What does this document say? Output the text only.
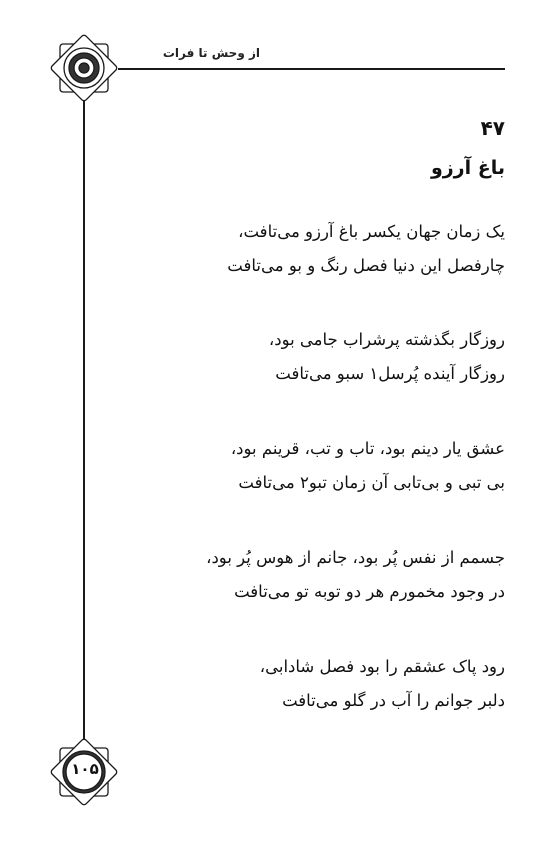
از وحش تا فرات
۱۰۵
۴۷
باغ آرزو
یک زمان جهان یکسر باغ آرزو می‌تافت،
چارفصل این دنیا فصل رنگ و بو می‌تافت
روزگار بگذشته پرشراب جامی بود،
روزگار آینده پُرسل۱ سبو می‌تافت
عشق یار دینم بود، تاب و تب، قرینم بود،
بی تبی و بی‌تابی آن زمان تبو۲ می‌تافت
جسمم از نفس پُر بود، جانم از هوس پُر بود،
در وجود مخمورم هر دو توبه تو می‌تافت
رود پاک عشقم را بود فصل شادابی،
دلبر جوانم را آب در گلو می‌تافت
